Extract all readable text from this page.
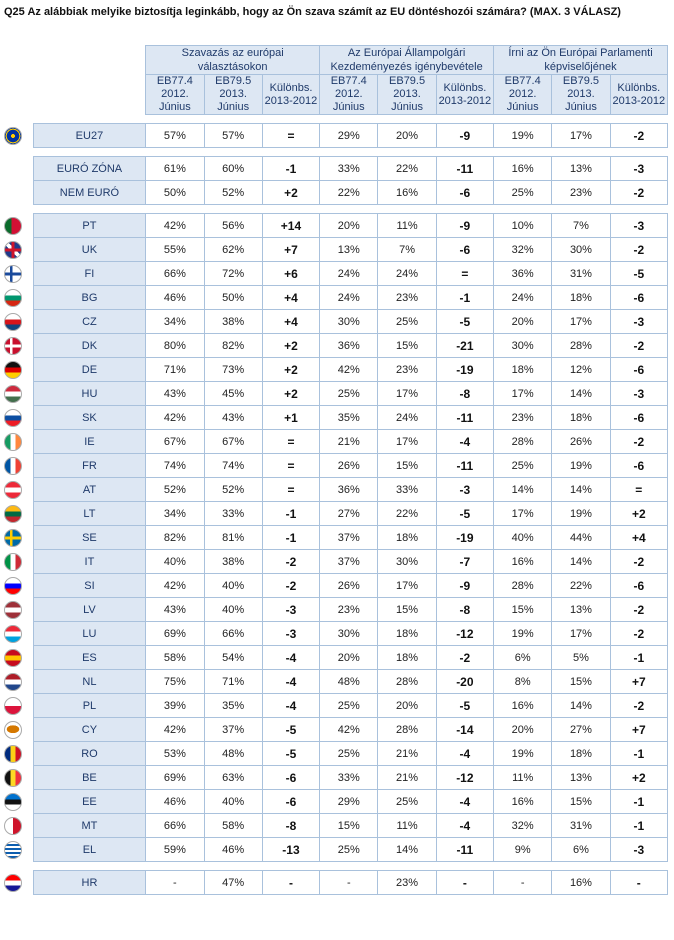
Q25 Az alábbiak melyike biztosítja leginkább, hogy az Ön szava számít az EU döntéshozói számára? (MAX. 3 VÁLASZ)
			Szavazás az európai választásokon			Az Európai Állampolgári Kezdeményezés igénybevétele			Írni az Ön Európai Parlamenti képviselőjének		
			EB77.4 2012. Június	EB79.5 2013. Június	Különbs. 2013-2012	EB77.4 2012. Június	EB79.5 2013. Június	Különbs. 2013-2012	EB77.4 2012. Június	EB79.5 2013. Június	Különbs. 2013-2012

		EU27	57%	57%	=	29%	20%	-9	19%	17%	-2

		EURÓ ZÓNA	61%	60%	-1	33%	22%	-11	16%	13%	-3
		NEM EURÓ	50%	52%	+2	22%	16%	-6	25%	23%	-2

		PT	42%	56%	+14	20%	11%	-9	10%	7%	-3
		UK	55%	62%	+7	13%	7%	-6	32%	30%	-2
		FI	66%	72%	+6	24%	24%	=	36%	31%	-5
		BG	46%	50%	+4	24%	23%	-1	24%	18%	-6
		CZ	34%	38%	+4	30%	25%	-5	20%	17%	-3
		DK	80%	82%	+2	36%	15%	-21	30%	28%	-2
		DE	71%	73%	+2	42%	23%	-19	18%	12%	-6
		HU	43%	45%	+2	25%	17%	-8	17%	14%	-3
		SK	42%	43%	+1	35%	24%	-11	23%	18%	-6
		IE	67%	67%	=	21%	17%	-4	28%	26%	-2
		FR	74%	74%	=	26%	15%	-11	25%	19%	-6
		AT	52%	52%	=	36%	33%	-3	14%	14%	=
		LT	34%	33%	-1	27%	22%	-5	17%	19%	+2
		SE	82%	81%	-1	37%	18%	-19	40%	44%	+4
		IT	40%	38%	-2	37%	30%	-7	16%	14%	-2
		SI	42%	40%	-2	26%	17%	-9	28%	22%	-6
		LV	43%	40%	-3	23%	15%	-8	15%	13%	-2
		LU	69%	66%	-3	30%	18%	-12	19%	17%	-2
		ES	58%	54%	-4	20%	18%	-2	6%	5%	-1
		NL	75%	71%	-4	48%	28%	-20	8%	15%	+7
		PL	39%	35%	-4	25%	20%	-5	16%	14%	-2
		CY	42%	37%	-5	42%	28%	-14	20%	27%	+7
		RO	53%	48%	-5	25%	21%	-4	19%	18%	-1
		BE	69%	63%	-6	33%	21%	-12	11%	13%	+2
		EE	46%	40%	-6	29%	25%	-4	16%	15%	-1
		MT	66%	58%	-8	15%	11%	-4	32%	31%	-1
		EL	59%	46%	-13	25%	14%	-11	9%	6%	-3

		HR	-	47%	-	-	23%	-	-	16%	-
